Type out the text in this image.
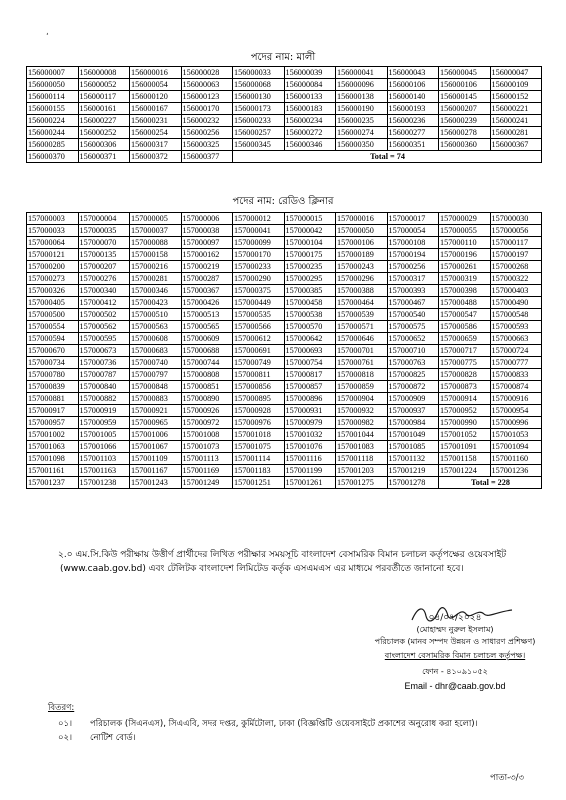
¸
পদের নাম: মালী
156000007	156000008	156000016	156000028	156000033	156000039	156000041	156000043	156000045	156000047
156000050	156000052	156000054	156000063	156000068	156000084	156000096	156000106	156000106	156000109
156000114	156000117	156000120	156000123	156000130	156000133	156000138	156000140	156000145	156000152
156000155	156000161	156000167	156000170	156000173	156000183	156000190	156000193	156000207	156000221
156000224	156000227	156000231	156000232	156000233	156000234	156000235	156000236	156000239	156000241
156000244	156000252	156000254	156000256	156000257	156000272	156000274	156000277	156000278	156000281
156000285	156000306	156000317	156000325	156000345	156000346	156000350	156000351	156000360	156000367
156000370	156000371	156000372	156000377	Total = 74					
পদের নাম: রেডিও ক্লিনার
157000003	157000004	157000005	157000006	157000012	157000015	157000016	157000017	157000029	157000030
157000033	157000035	157000037	157000038	157000041	157000042	157000050	157000054	157000055	157000056
157000064	157000070	157000088	157000097	157000099	157000104	157000106	157000108	157000110	157000117
157000121	157000135	157000158	157000162	157000170	157000175	157000189	157000194	157000196	157000197
157000200	157000207	157000216	157000219	157000233	157000235	157000243	157000256	157000261	157000268
157000273	157000276	157000281	157000287	157000290	157000295	157000296	157000317	157000319	157000322
157000326	157000340	157000346	157000367	157000375	157000385	157000388	157000393	157000398	157000403
157000405	157000412	157000423	157000426	157000449	157000458	157000464	157000467	157000488	157000490
157000500	157000502	157000510	157000513	157000535	157000538	157000539	157000540	157000547	157000548
157000554	157000562	157000563	157000565	157000566	157000570	157000571	157000575	157000586	157000593
157000594	157000595	157000608	157000609	157000612	157000642	157000646	157000652	157000659	157000663
157000670	157000673	157000683	157000688	157000691	157000693	157000701	157000710	157000717	157000724
157000734	157000736	157000740	157000744	157000749	157000754	157000761	157000763	157000775	157000777
157000780	157000787	157000797	157000808	157000811	157000817	157000818	157000825	157000828	157000833
157000839	157000840	157000848	157000851	157000856	157000857	157000859	157000872	157000873	157000874
157000881	157000882	157000883	157000890	157000895	157000896	157000904	157000909	157000914	157000916
157000917	157000919	157000921	157000926	157000928	157000931	157000932	157000937	157000952	157000954
157000957	157000959	157000965	157000972	157000976	157000979	157000982	157000984	157000990	157000996
157001002	157001005	157001006	157001008	157001018	157001032	157001044	157001049	157001052	157001053
157001063	157001066	157001067	157001073	157001075	157001076	157001083	157001085	157001091	157001094
157001098	157001103	157001109	157001113	157001114	157001116	157001118	157001132	157001158	157001160
157001161	157001163	157001167	157001169	157001183	157001199	157001203	157001219	157001224	157001236
157001237	157001238	157001243	157001249	157001251	157001261	157001275	157001278	Total = 228	
২.০ এম.সি.কিউ পরীক্ষায় উত্তীর্ণ প্রার্থীদের লিখিত পরীক্ষার সময়সূচি বাংলাদেশ বেসামরিক বিমান চলাচল কর্তৃপক্ষের ওয়েবসাইট
(www.caab.gov.bd) এবং টেলিটক বাংলাদেশ লিমিটেড কর্তৃক এসএমএস এর মাধ্যমে পরবর্তীতে জানানো হবে।
০৪/০৭/২০২৪
(মোহাম্মদ নুরুল ইসলাম)
পরিচালক (মানব সম্পদ উন্নয়ন ও সাধারণ প্রশিক্ষণ)
বাংলাদেশ বেসামরিক বিমান চলাচল কর্তৃপক্ষ।
ফোন - ৪১০৯১০৫২
Email - dhr@caab.gov.bd
বিতরণ:
০১।	পরিচালক (সিএনএস), সিএএবি, সদর দপ্তর, কুর্মিটোলা, ঢাকা (বিজ্ঞপ্তিটি ওয়েবসাইটে প্রকাশের অনুরোধ করা হলো)।
০২।	নোটিশ বোর্ড।
পাতা-৩/৩
